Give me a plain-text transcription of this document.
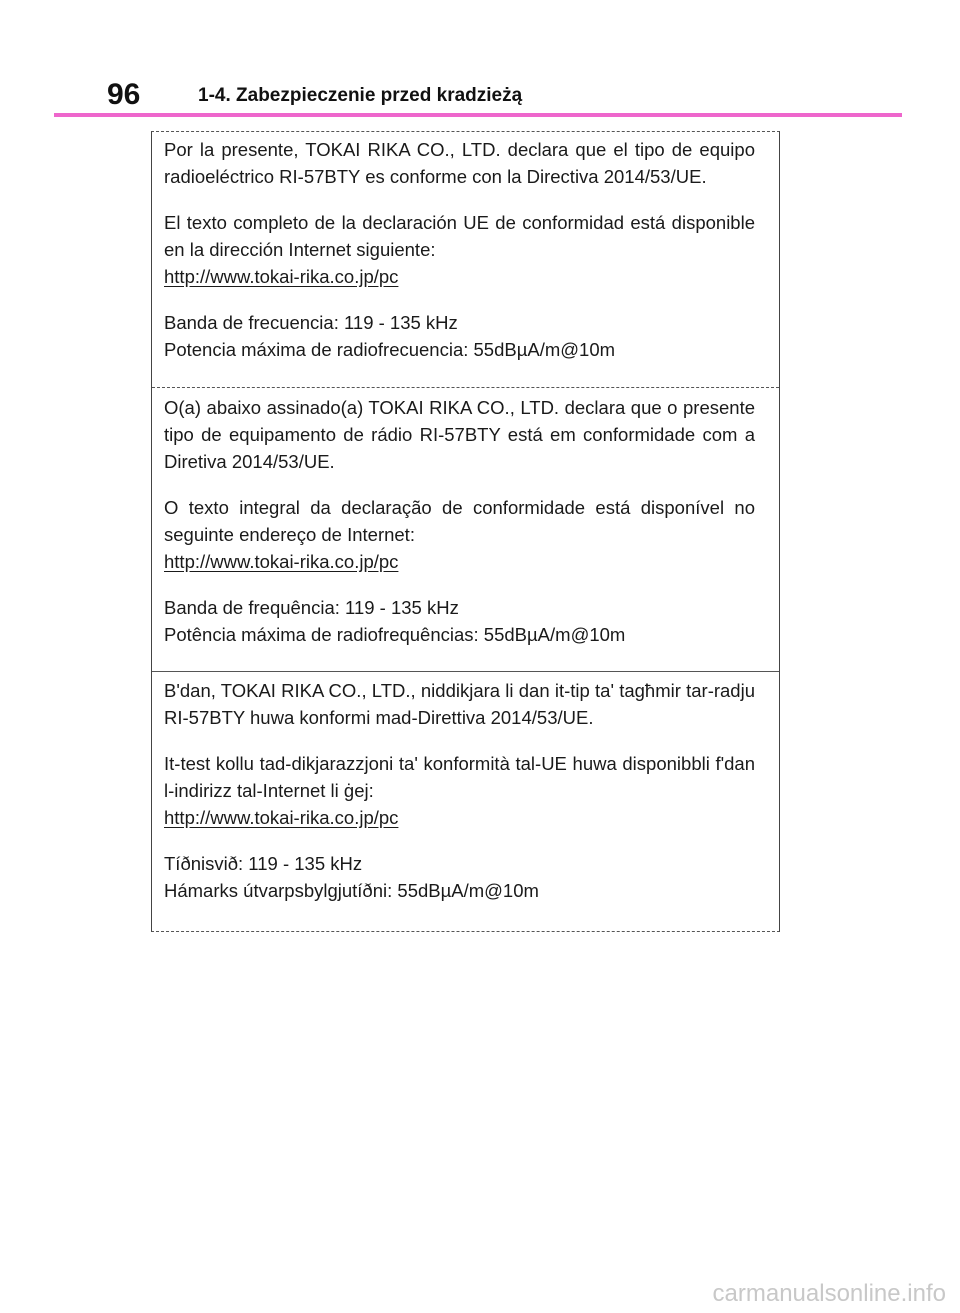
96	1-4. Zabezpieczenie przed kradzieżą

Por la presente, TOKAI RIKA CO., LTD. declara que el tipo de equipo radioeléctrico RI-57BTY es conforme con la Directiva 2014/53/UE.

El texto completo de la declaración UE de conformidad está disponible en la dirección Internet siguiente:

http://www.tokai-rika.co.jp/pc

Banda de frecuencia: 119 - 135 kHz

Potencia máxima de radiofrecuencia: 55dBµA/m@10m

O(a) abaixo assinado(a) TOKAI RIKA CO., LTD. declara que o presente tipo de equipamento de rádio RI-57BTY está em conformidade com a Diretiva 2014/53/UE.

O texto integral da declaração de conformidade está disponível no seguinte endereço de Internet:

http://www.tokai-rika.co.jp/pc

Banda de frequência: 119 - 135 kHz

Potência máxima de radiofrequências: 55dBµA/m@10m

B'dan, TOKAI RIKA CO., LTD., niddikjara li dan it-tip ta' tagħmir tar-radju RI-57BTY huwa konformi mad-Direttiva 2014/53/UE.

It-test kollu tad-dikjarazzjoni ta' konformità tal-UE huwa disponibbli f'dan l-indirizz tal-Internet li ġej:

http://www.tokai-rika.co.jp/pc

Tíðnisvið: 119 - 135 kHz

Hámarks útvarpsbylgjutíðni: 55dBµA/m@10m

carmanualsonline.info
